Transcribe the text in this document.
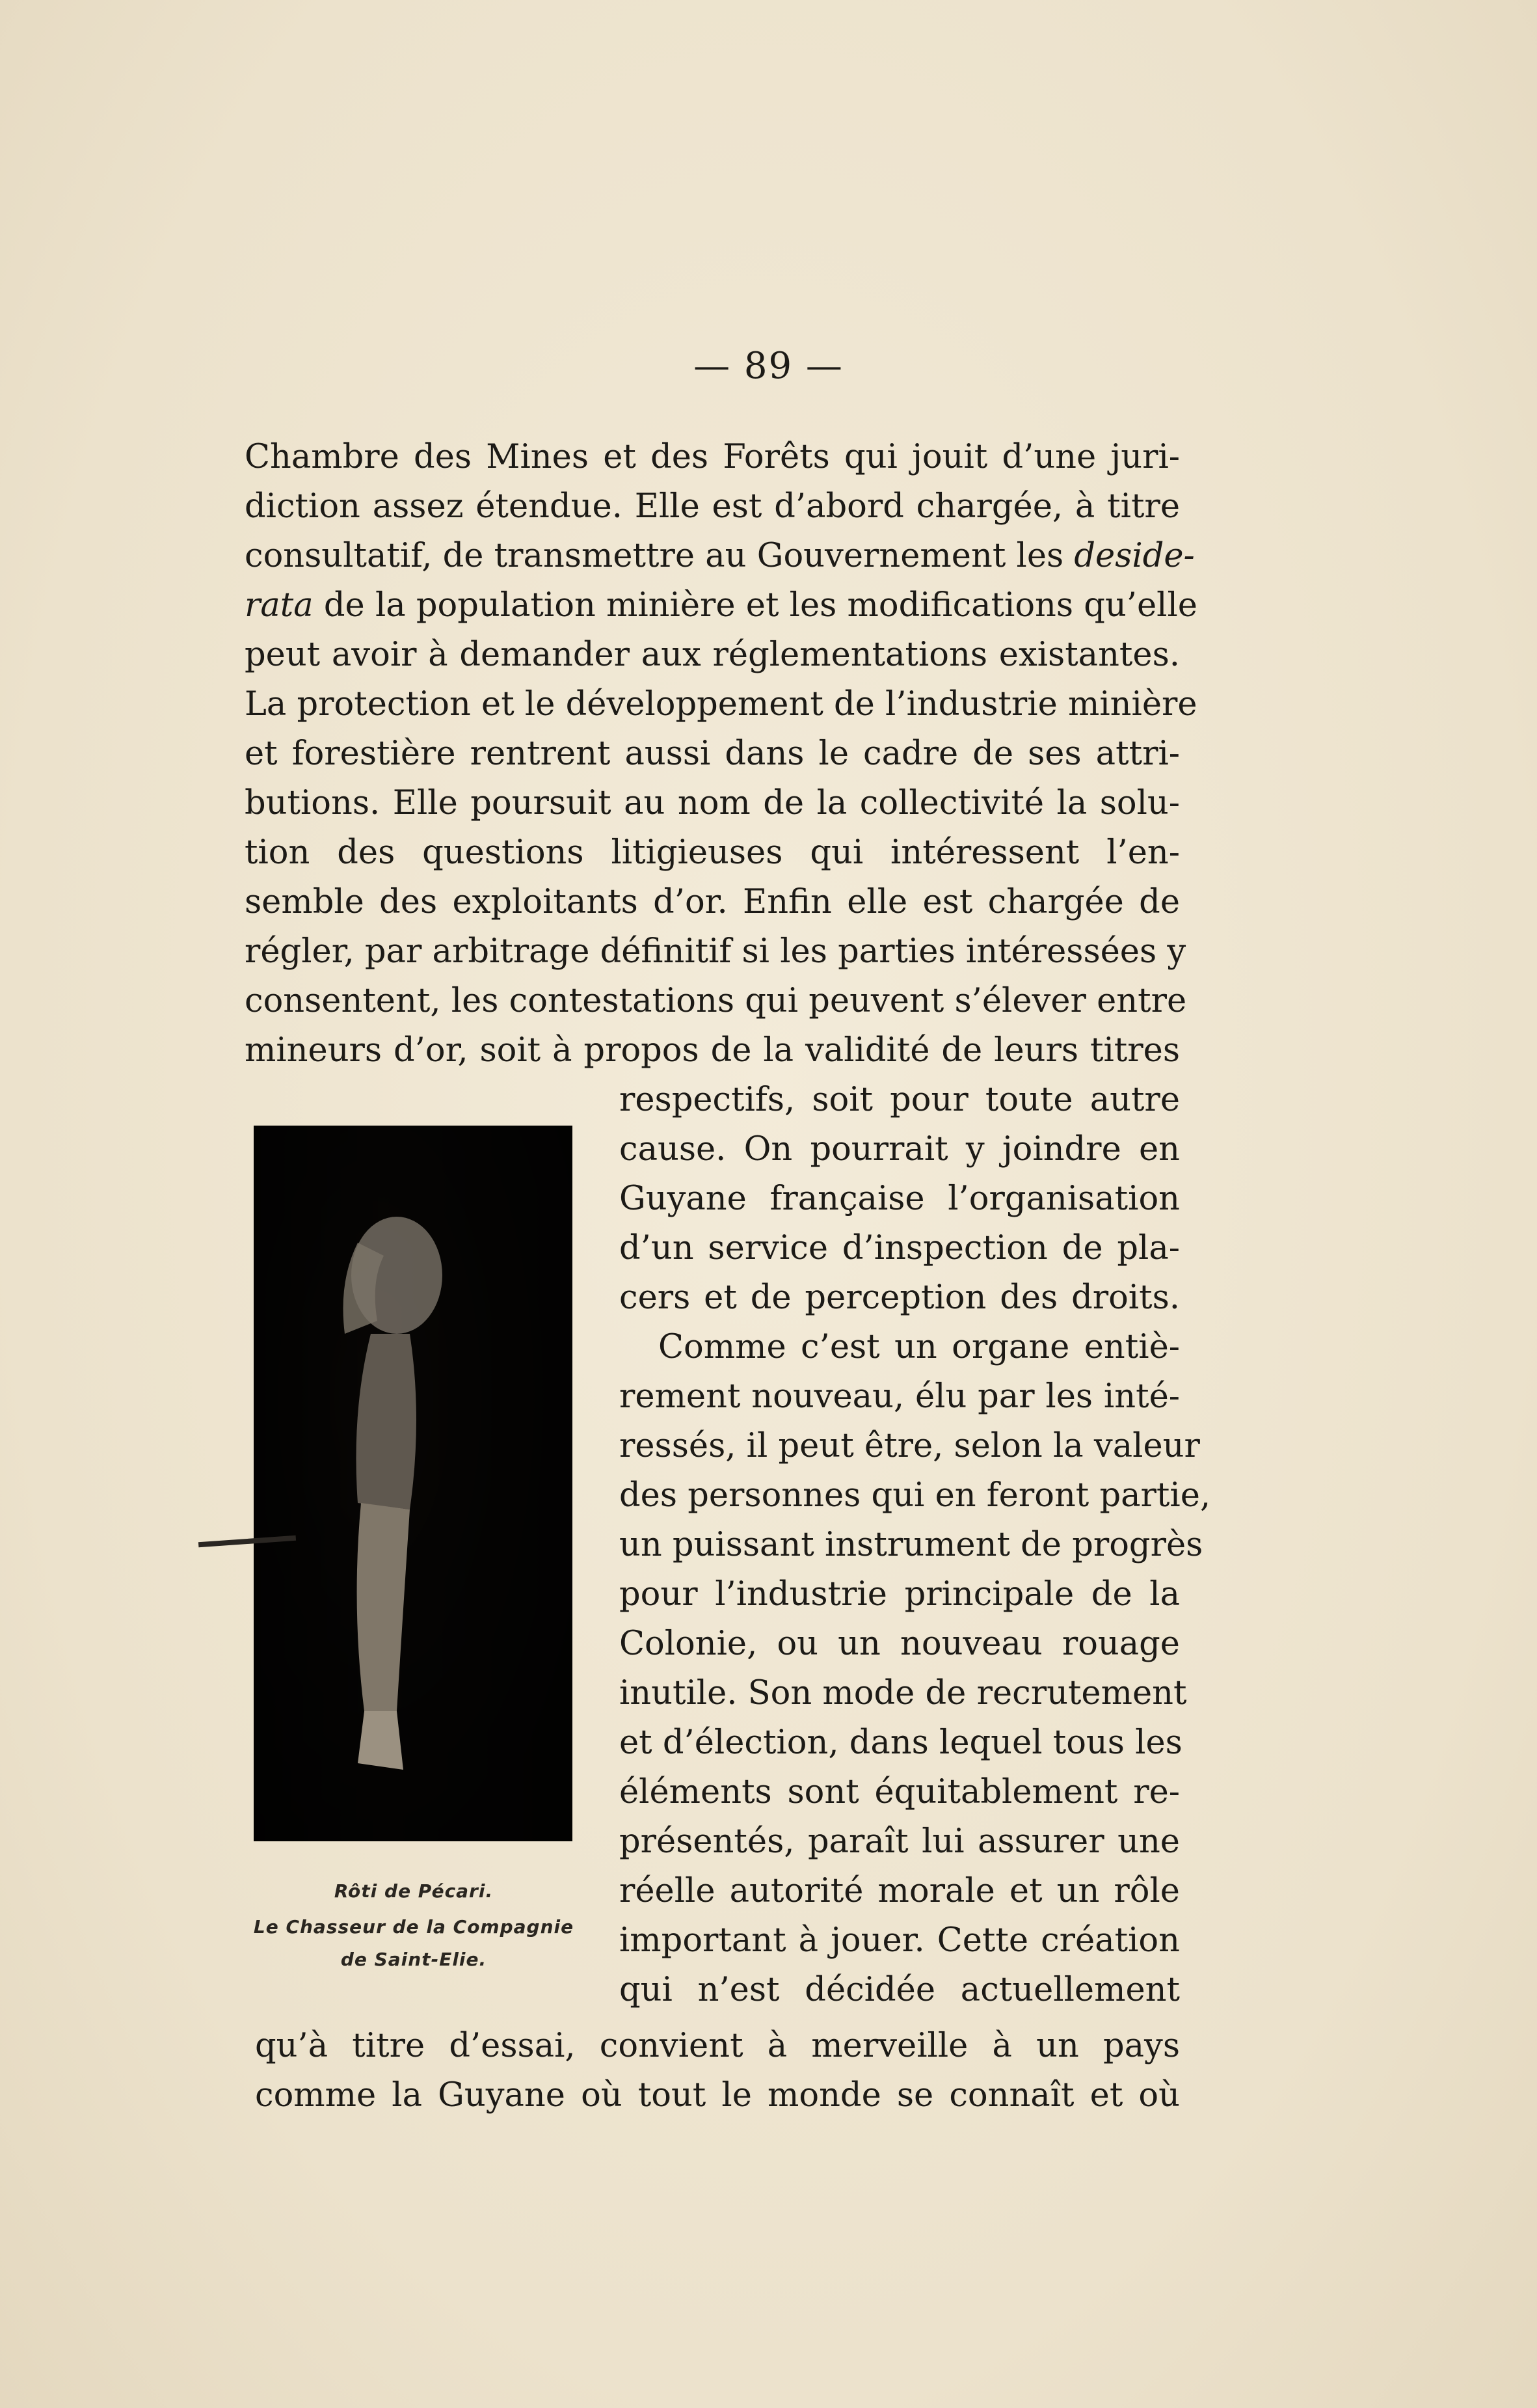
— 89 —
Chambre des Mines et des Forêts qui jouit d’une juri-
diction assez étendue. Elle est d’abord chargée, à titre
consultatif, de transmettre au Gouvernement les deside-
rata de la population minière et les modifications qu’elle
peut avoir à demander aux réglementations existantes.
La protection et le développement de l’industrie minière
et forestière rentrent aussi dans le cadre de ses attri-
butions. Elle poursuit au nom de la collectivité la solu-
tion des questions litigieuses qui intéressent l’en-
semble des exploitants d’or. Enfin elle est chargée de
régler, par arbitrage définitif si les parties intéressées y
consentent, les contestations qui peuvent s’élever entre
mineurs d’or, soit à propos de la validité de leurs titres
Rôti de Pécari.
Le Chasseur de la Compagnie
de Saint-Elie.
respectifs, soit pour toute autre
cause. On pourrait y joindre en
Guyane française l’organisation
d’un service d’inspection de pla-
cers et de perception des droits.
Comme c’est un organe entiè-
rement nouveau, élu par les inté-
ressés, il peut être, selon la valeur
des personnes qui en feront partie,
un puissant instrument de progrès
pour l’industrie principale de la
Colonie, ou un nouveau rouage
inutile. Son mode de recrutement
et d’élection, dans lequel tous les
éléments sont équitablement re-
présentés, paraît lui assurer une
réelle autorité morale et un rôle
important à jouer. Cette création
qui n’est décidée actuellement
qu’à titre d’essai, convient à merveille à un pays
comme la Guyane où tout le monde se connaît et où
